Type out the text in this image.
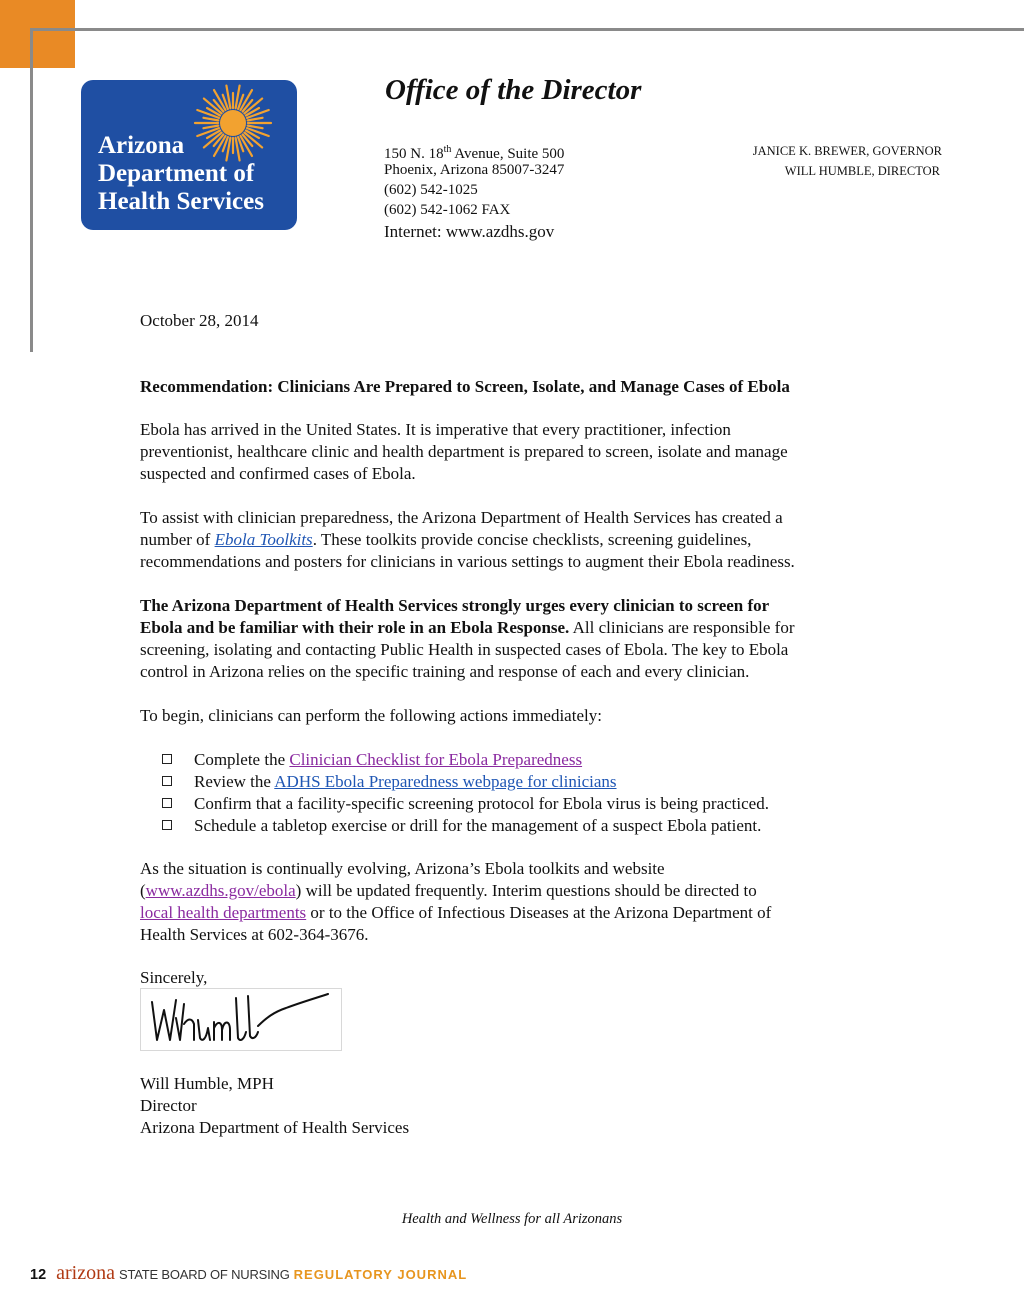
Arizona
Department of
Health Services
Office of the Director
150 N. 18th Avenue, Suite 500
Phoenix, Arizona 85007-3247
(602) 542-1025
(602) 542-1062 FAX
Internet: www.azdhs.gov
JANICE K. BREWER, GOVERNOR
WILL HUMBLE, DIRECTOR
October 28, 2014
Recommendation: Clinicians Are Prepared to Screen, Isolate, and Manage Cases of Ebola
Ebola has arrived in the United States. It is imperative that every practitioner, infection
preventionist, healthcare clinic and health department is prepared to screen, isolate and manage
suspected and confirmed cases of Ebola.
To assist with clinician preparedness, the Arizona Department of Health Services has created a
number of Ebola Toolkits. These toolkits provide concise checklists, screening guidelines,
recommendations and posters for clinicians in various settings to augment their Ebola readiness.
The Arizona Department of Health Services strongly urges every clinician to screen for
Ebola and be familiar with their role in an Ebola Response. All clinicians are responsible for
screening, isolating and contacting Public Health in suspected cases of Ebola. The key to Ebola
control in Arizona relies on the specific training and response of each and every clinician.
To begin, clinicians can perform the following actions immediately:
Complete the Clinician Checklist for Ebola Preparedness
Review the ADHS Ebola Preparedness webpage for clinicians
Confirm that a facility-specific screening protocol for Ebola virus is being practiced.
Schedule a tabletop exercise or drill for the management of a suspect Ebola patient.
As the situation is continually evolving, Arizona’s Ebola toolkits and website
(www.azdhs.gov/ebola) will be updated frequently. Interim questions should be directed to
local health departments or to the Office of Infectious Diseases at the Arizona Department of
Health Services at 602-364-3676.
Sincerely,
Will Humble, MPH
Director
Arizona Department of Health Services
Health and Wellness for all Arizonans
12 arizona STATE BOARD OF NURSING REGULATORY JOURNAL
